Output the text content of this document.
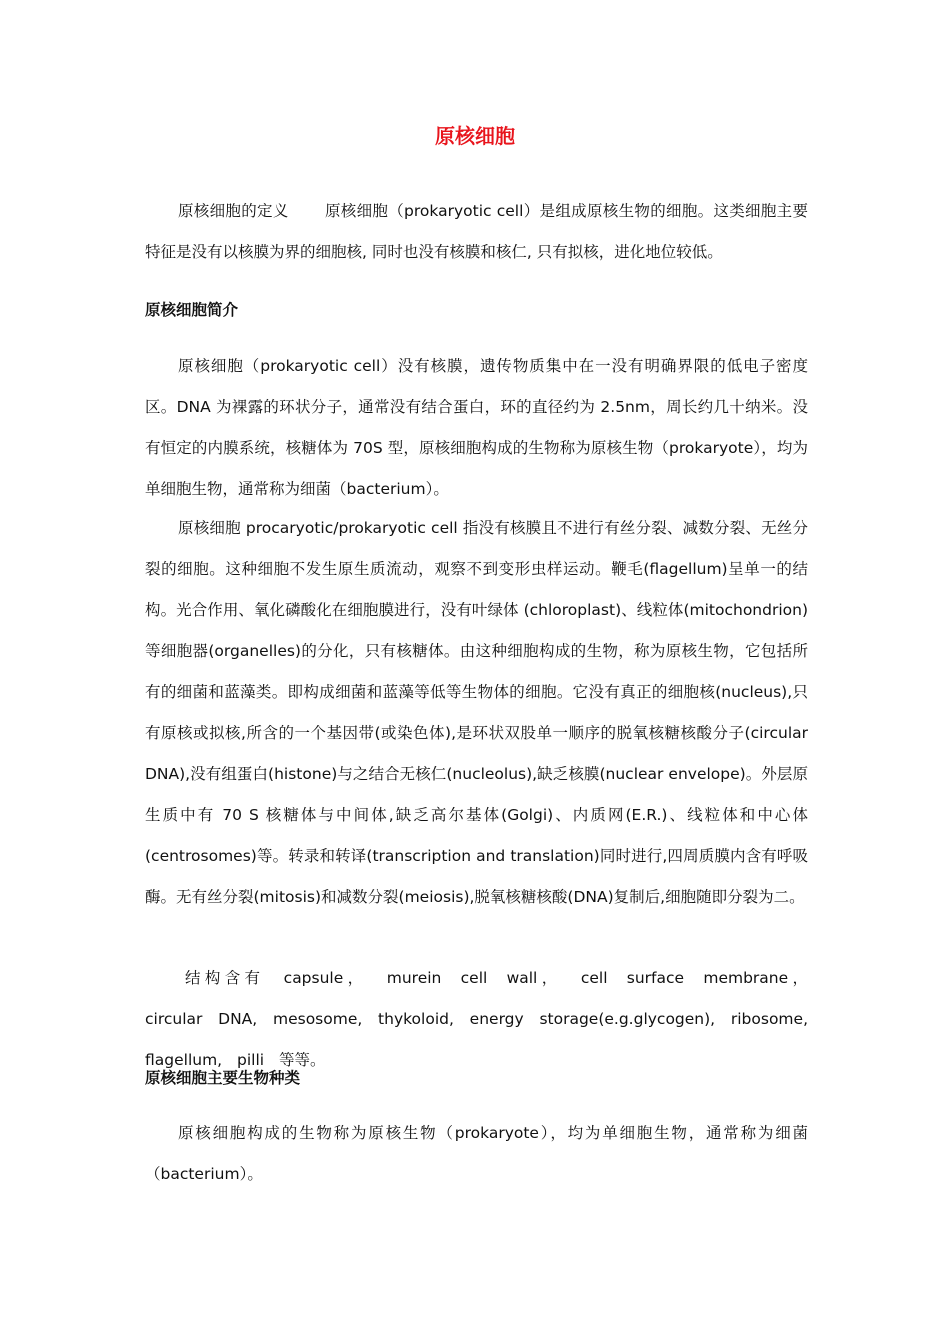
原核细胞

原核细胞的定义 原核细胞（prokaryotic cell）是组成原核生物的细胞。这类细胞主要特征是没有以核膜为界的细胞核, 同时也没有核膜和核仁, 只有拟核，进化地位较低。

原核细胞简介

原核细胞（prokaryotic cell）没有核膜，遗传物质集中在一没有明确界限的低电子密度区。DNA 为裸露的环状分子，通常没有结合蛋白，环的直径约为 2.5nm，周长约几十纳米。没有恒定的内膜系统，核糖体为 70S 型，原核细胞构成的生物称为原核生物（prokaryote），均为单细胞生物，通常称为细菌（bacterium）。

原核细胞 procaryotic/prokaryotic cell 指没有核膜且不进行有丝分裂、减数分裂、无丝分裂的细胞。这种细胞不发生原生质流动，观察不到变形虫样运动。鞭毛(flagellum)呈单一的结构。光合作用、氧化磷酸化在细胞膜进行，没有叶绿体 (chloroplast)、线粒体(mitochondrion)等细胞器(organelles)的分化，只有核糖体。由这种细胞构成的生物，称为原核生物，它包括所有的细菌和蓝藻类。即构成细菌和蓝藻等低等生物体的细胞。它没有真正的细胞核(nucleus),只有原核或拟核,所含的一个基因带(或染色体),是环状双股单一顺序的脱氧核糖核酸分子(circular DNA),没有组蛋白(histone)与之结合无核仁(nucleolus),缺乏核膜(nuclear envelope)。外层原生质中有 70 S 核糖体与中间体,缺乏高尔基体(Golgi)、内质网(E.R.)、线粒体和中心体(centrosomes)等。转录和转译(transcription and translation)同时进行,四周质膜内含有呼吸酶。无有丝分裂(mitosis)和减数分裂(meiosis),脱氧核糖核酸(DNA)复制后,细胞随即分裂为二。

结构含有 capsule， murein cell wall， cell surface membrane， circular DNA, mesosome, thykoloid, energy storage(e.g.glycogen), ribosome, flagellum, pilli 等等。

原核细胞主要生物种类

原核细胞构成的生物称为原核生物（prokaryote），均为单细胞生物，通常称为细菌（bacterium）。
